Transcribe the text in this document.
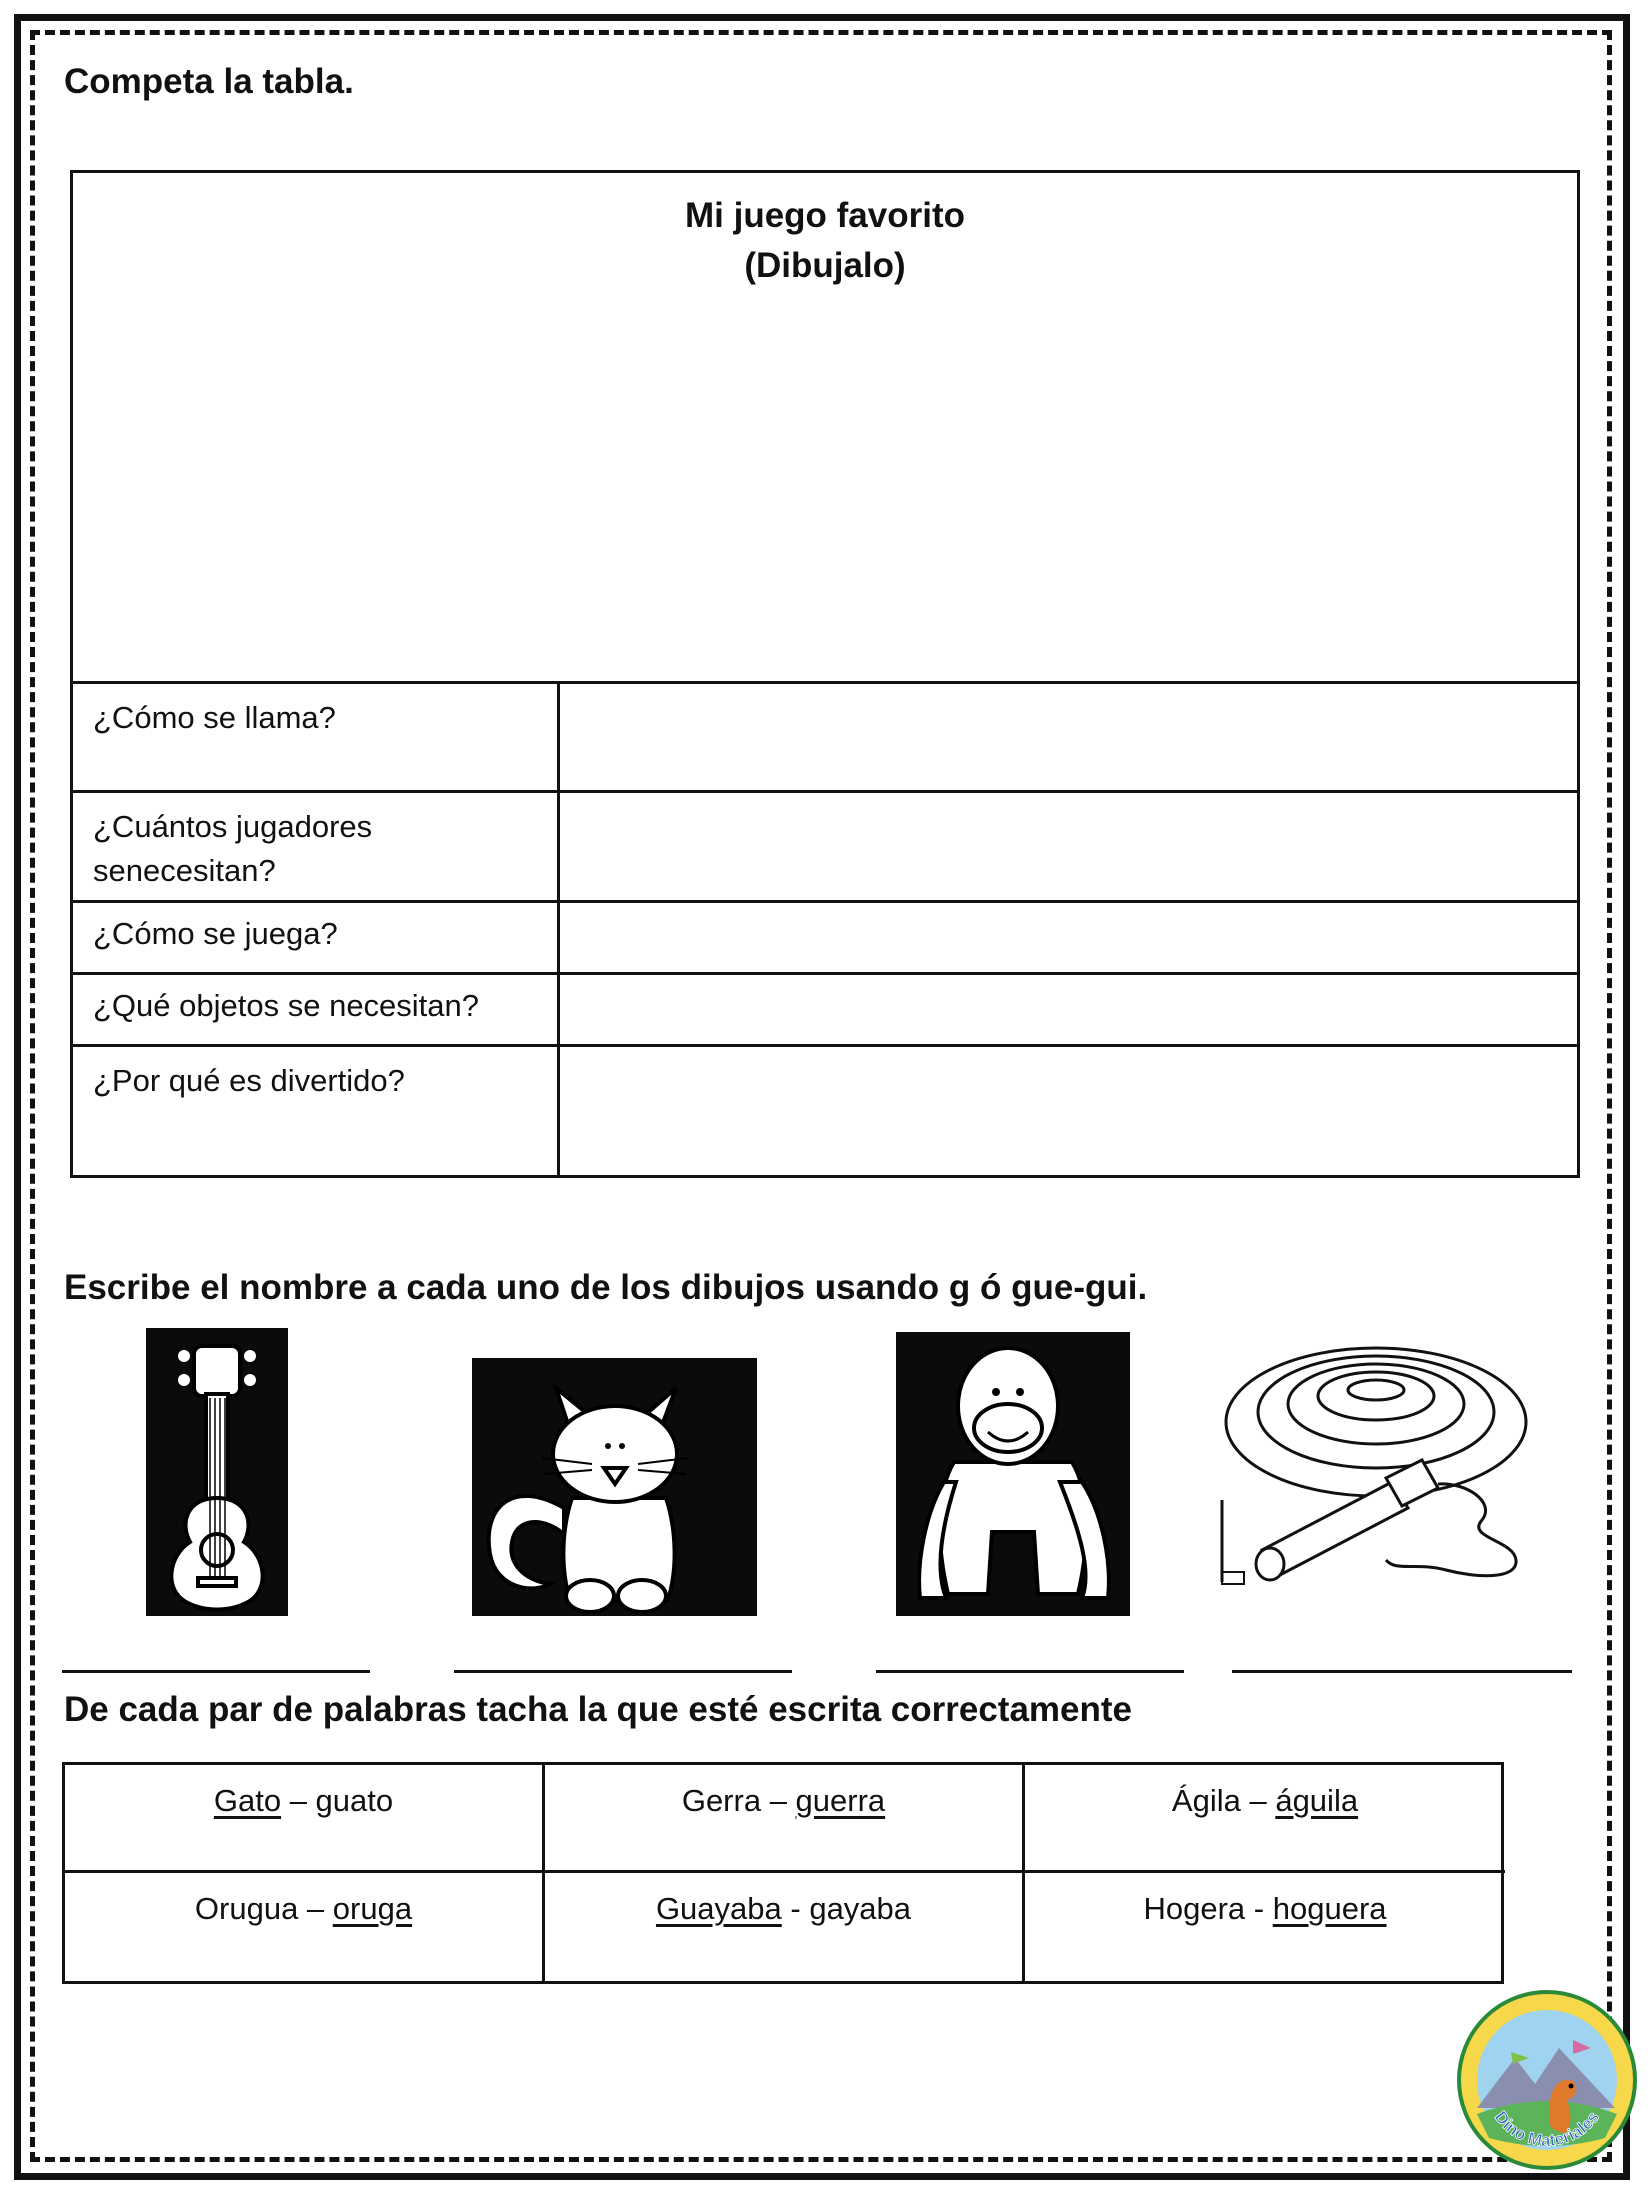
Competa la tabla.
Mi juego favorito
(Dibujalo)
¿Cómo se llama?
¿Cuántos jugadores senecesitan?
¿Cómo se juega?
¿Qué objetos se necesitan?
¿Por qué es divertido?
Escribe el nombre a cada uno de los dibujos usando g ó gue-gui.
De cada par de palabras tacha la que esté escrita correctamente
Gato – guato	Gerra – guerra	Ágila – águila
Orugua – oruga	Guayaba - gayaba	Hogera - hoguera
Dino Materiales
